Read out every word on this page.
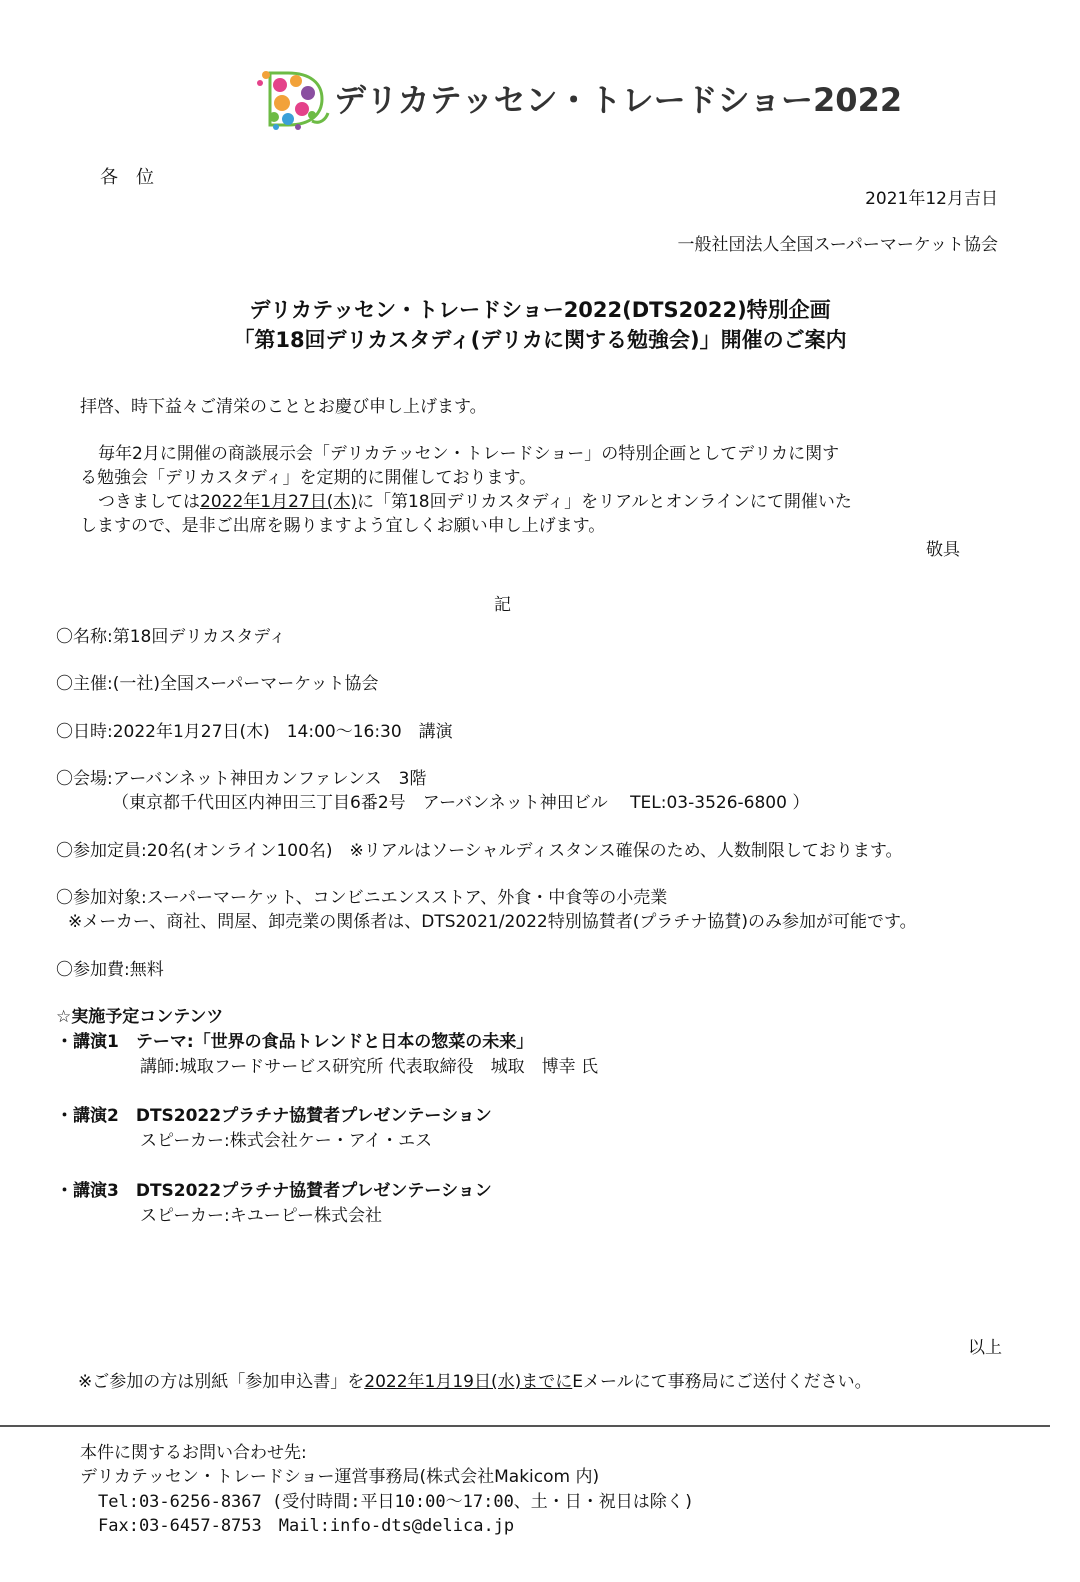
デリカテッセン・トレードショー2022
各　位
2021年12月吉日
一般社団法人全国スーパーマーケット協会
デリカテッセン・トレードショー2022(DTS2022)特別企画
「第18回デリカスタディ(デリカに関する勉強会)」開催のご案内
拝啓、時下益々ご清栄のこととお慶び申し上げます。
毎年2月に開催の商談展示会「デリカテッセン・トレードショー」の特別企画としてデリカに関す
る勉強会「デリカスタディ」を定期的に開催しております。
つきましては2022年1月27日(木)に「第18回デリカスタディ」をリアルとオンラインにて開催いた
しますので、是非ご出席を賜りますよう宜しくお願い申し上げます。
敬具
記
〇名称:第18回デリカスタディ
〇主催:(一社)全国スーパーマーケット協会
〇日時:2022年1月27日(木)　14:00〜16:30　講演
〇会場:アーバンネット神田カンファレンス　3階
（東京都千代田区内神田三丁目6番2号　アーバンネット神田ビル　 TEL:03-3526-6800 ）
〇参加定員:20名(オンライン100名)　※リアルはソーシャルディスタンス確保のため、人数制限しております。
〇参加対象:スーパーマーケット、コンビニエンスストア、外食・中食等の小売業
※メーカー、商社、問屋、卸売業の関係者は、DTS2021/2022特別協賛者(プラチナ協賛)のみ参加が可能です。
〇参加費:無料
☆実施予定コンテンツ
・講演1　テーマ:「世界の食品トレンドと日本の惣菜の未来」
講師:城取フードサービス研究所 代表取締役　城取　博幸 氏
・講演2　DTS2022プラチナ協賛者プレゼンテーション
スピーカー:株式会社ケー・アイ・エス
・講演3　DTS2022プラチナ協賛者プレゼンテーション
スピーカー:キユーピー株式会社
以上
※ご参加の方は別紙「参加申込書」を2022年1月19日(水)までにEメールにて事務局にご送付ください。
本件に関するお問い合わせ先:
デリカテッセン・トレードショー運営事務局(株式会社Makicom 内)
Tel:03-6256-8367 (受付時間:平日10:00〜17:00、土・日・祝日は除く)
Fax:03-6457-8753　Mail:info-dts@delica.jp
